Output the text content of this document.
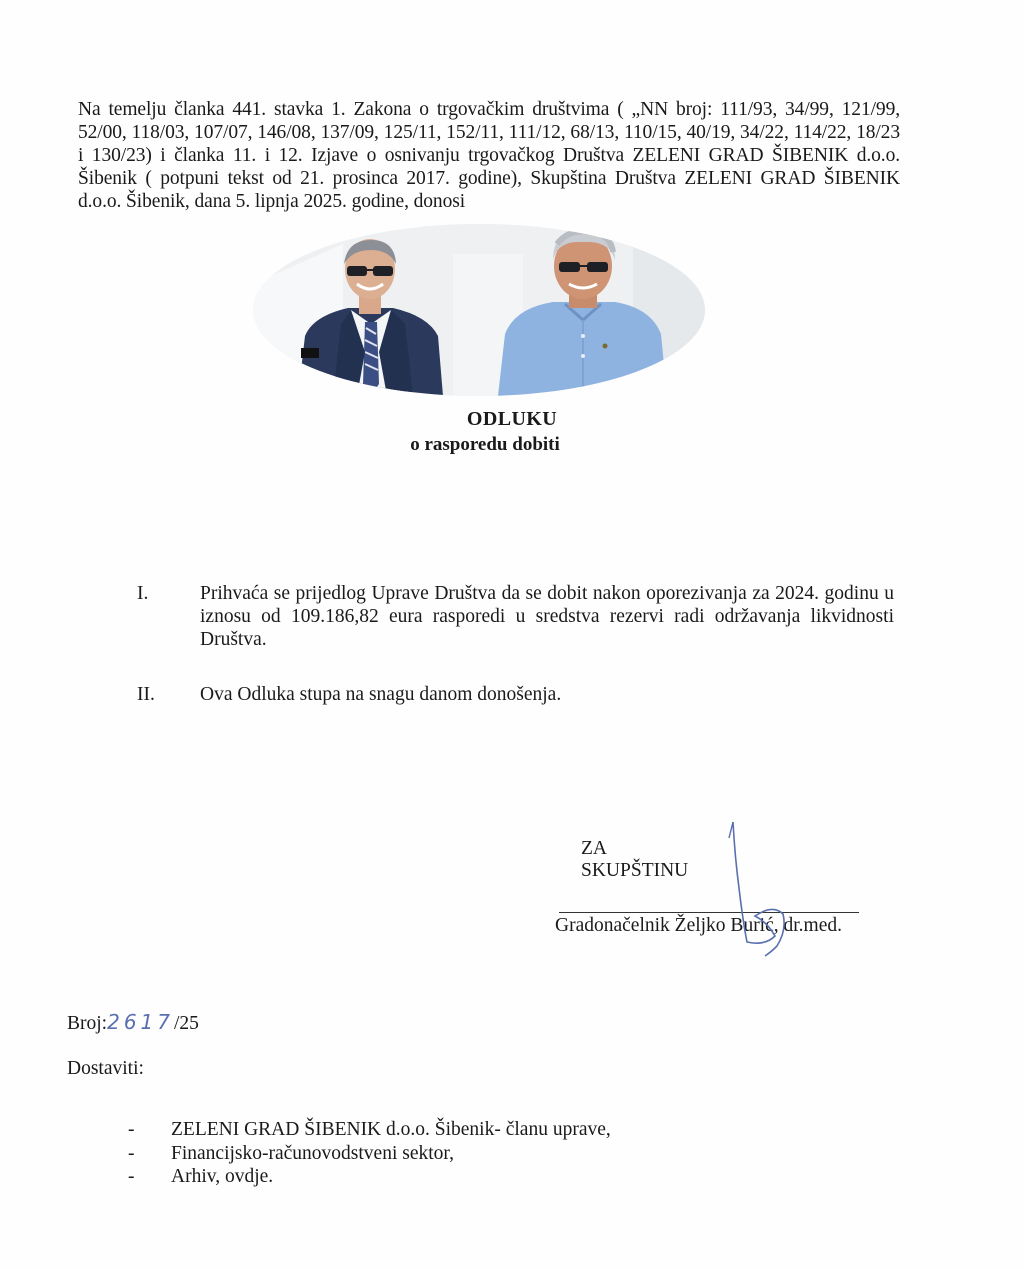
Na temelju članka 441. stavka 1. Zakona o trgovačkim društvima ( „NN broj: 111/93, 34/99, 121/99, 52/00, 118/03, 107/07, 146/08, 137/09, 125/11, 152/11, 111/12, 68/13, 110/15, 40/19, 34/22, 114/22, 18/23 i 130/23) i članka 11. i 12. Izjave o osnivanju trgovačkog Društva ZELENI GRAD ŠIBENIK d.o.o. Šibenik ( potpuni tekst od 21. prosinca 2017. godine), Skupština Društva ZELENI GRAD ŠIBENIK d.o.o. Šibenik, dana 5. lipnja 2025. godine, donosi
ODLUKU
o rasporedu dobiti
I.	Prihvaća se prijedlog Uprave Društva da se dobit nakon oporezivanja za 2024. godinu u iznosu od 109.186,82 eura rasporedi u sredstva rezervi radi održavanja likvidnosti Društva.
II. Ova Odluka stupa na snagu danom donošenja.
ZA SKUPŠTINU
Gradonačelnik Željko Burić, dr.med.
Broj:2617/25
Dostaviti:
- ZELENI GRAD ŠIBENIK d.o.o. Šibenik- članu uprave,
- Financijsko-računovodstveni sektor,
- Arhiv, ovdje.
